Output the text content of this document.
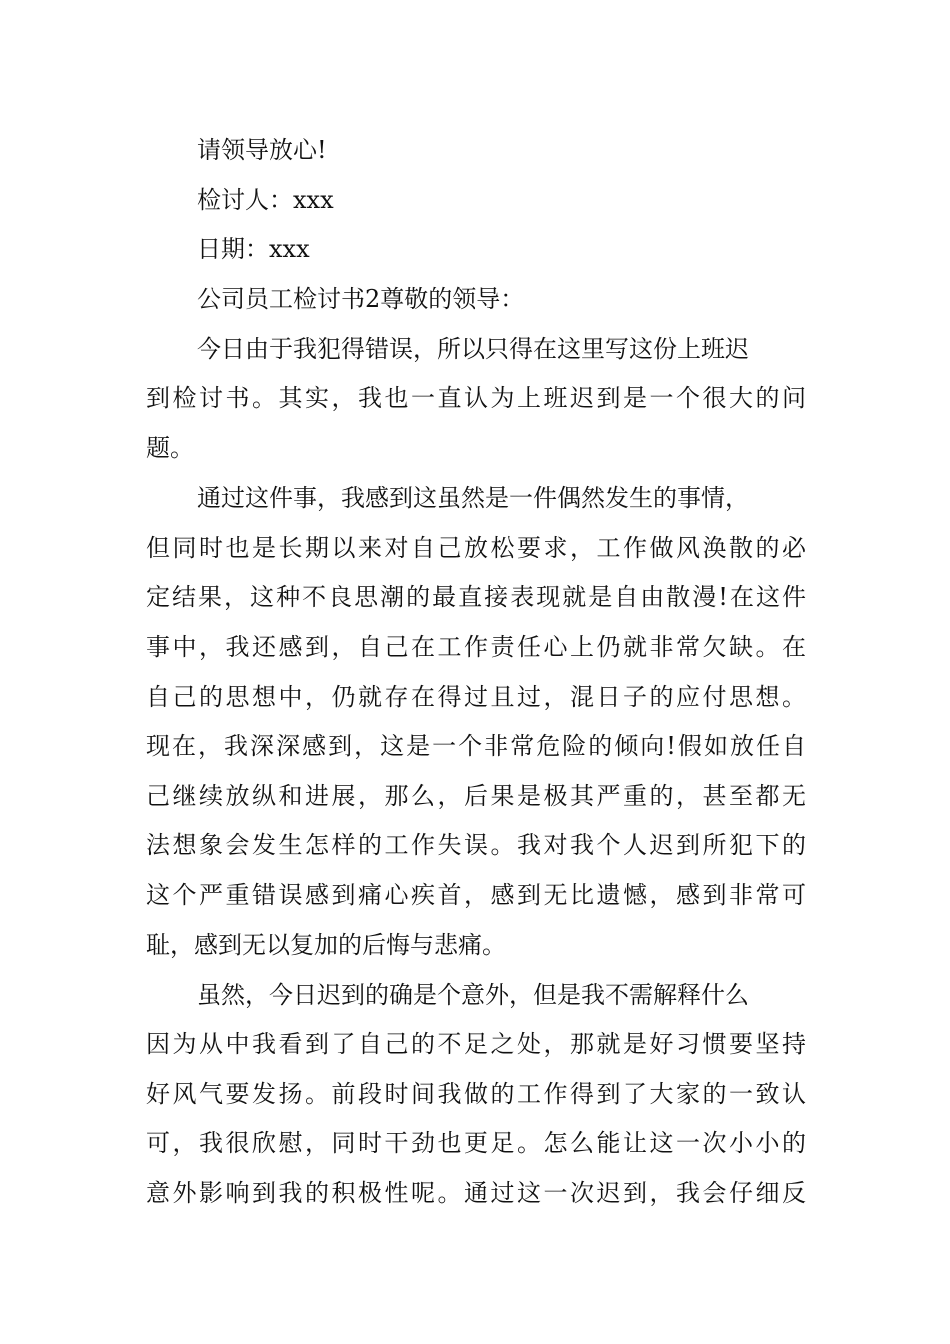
请领导放心!
检讨人：xxx
日期：xxx
公司员工检讨书2尊敬的领导：
今日由于我犯得错误，所以只得在这里写这份上班迟
到检讨书。其实，我也一直认为上班迟到是一个很大的问
题。
通过这件事，我感到这虽然是一件偶然发生的事情，
但同时也是长期以来对自己放松要求，工作做风涣散的必
定结果，这种不良思潮的最直接表现就是自由散漫!在这件
事中，我还感到，自己在工作责任心上仍就非常欠缺。在
自己的思想中，仍就存在得过且过，混日子的应付思想。
现在，我深深感到，这是一个非常危险的倾向!假如放任自
己继续放纵和进展，那么，后果是极其严重的，甚至都无
法想象会发生怎样的工作失误。我对我个人迟到所犯下的
这个严重错误感到痛心疾首，感到无比遗憾，感到非常可
耻，感到无以复加的后悔与悲痛。
虽然，今日迟到的确是个意外，但是我不需解释什么
因为从中我看到了自己的不足之处，那就是好习惯要坚持
好风气要发扬。前段时间我做的工作得到了大家的一致认
可，我很欣慰，同时干劲也更足。怎么能让这一次小小的
意外影响到我的积极性呢。通过这一次迟到，我会仔细反
